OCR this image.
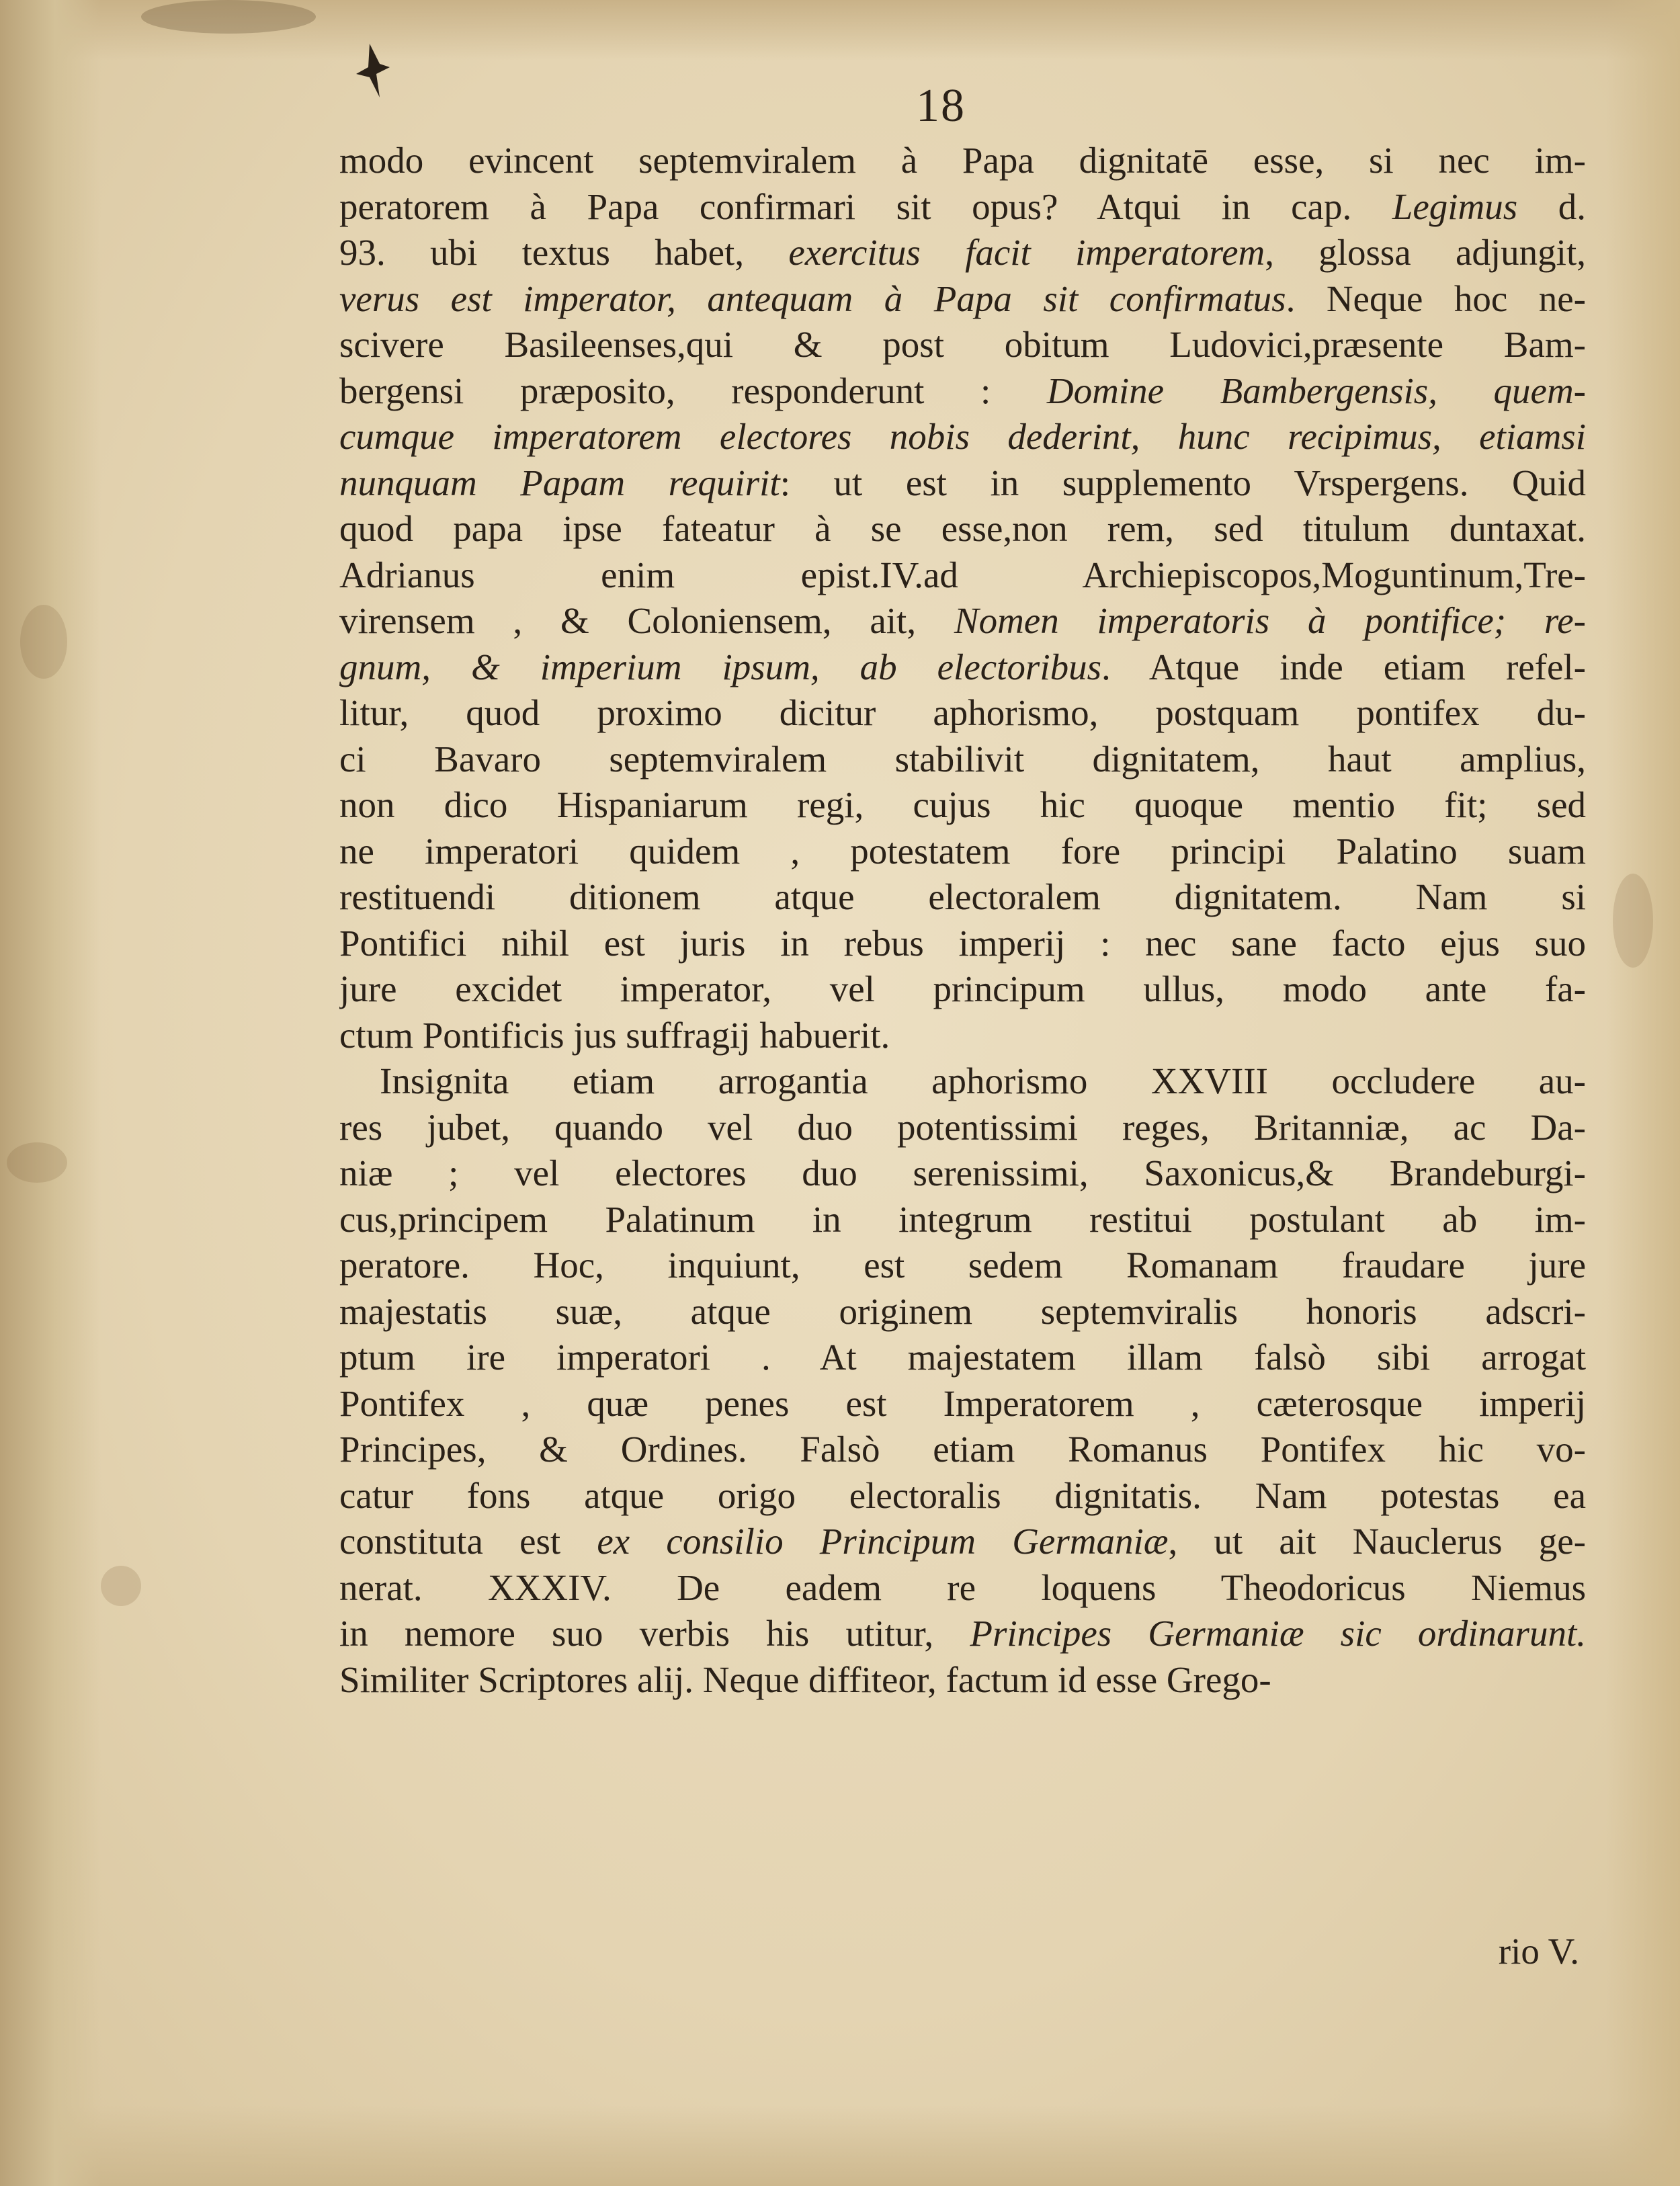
18
modo evincent septemviralem à Papa dignitatē esse, si nec im-
peratorem à Papa confirmari sit opus? Atqui in cap. Legimus d.
93. ubi textus habet, exercitus facit imperatorem, glossa adjungit,
verus est imperator, antequam à Papa sit confirmatus. Neque hoc ne-
scivere Basileenses,qui & post obitum Ludovici,præsente Bam-
bergensi præposito, responderunt : Domine Bambergensis, quem-
cumque imperatorem electores nobis dederint, hunc recipimus, etiamsi
nunquam Papam requirit: ut est in supplemento Vrspergens. Quid
quod papa ipse fateatur à se esse,non rem, sed titulum duntaxat.
Adrianus enim epist.IV.ad Archiepiscopos,Moguntinum,Tre-
virensem , & Coloniensem, ait, Nomen imperatoris à pontifice; re-
gnum, & imperium ipsum, ab electoribus. Atque inde etiam refel-
litur, quod proximo dicitur aphorismo, postquam pontifex du-
ci Bavaro septemviralem stabilivit dignitatem, haut amplius,
non dico Hispaniarum regi, cujus hic quoque mentio fit; sed
ne imperatori quidem , potestatem fore principi Palatino suam
restituendi ditionem atque electoralem dignitatem. Nam si
Pontifici nihil est juris in rebus imperij : nec sane facto ejus suo
jure excidet imperator, vel principum ullus, modo ante fa-
ctum Pontificis jus suffragij habuerit.
Insignita etiam arrogantia aphorismo XXVIII occludere au-
res jubet, quando vel duo potentissimi reges, Britanniæ, ac Da-
niæ ; vel electores duo serenissimi, Saxonicus,& Brandeburgi-
cus,principem Palatinum in integrum restitui postulant ab im-
peratore. Hoc, inquiunt, est sedem Romanam fraudare jure
majestatis suæ, atque originem septemviralis honoris adscri-
ptum ire imperatori . At majestatem illam falsò sibi arrogat
Pontifex , quæ penes est Imperatorem , cæterosque imperij
Principes, & Ordines. Falsò etiam Romanus Pontifex hic vo-
catur fons atque origo electoralis dignitatis. Nam potestas ea
constituta est ex consilio Principum Germaniæ, ut ait Nauclerus ge-
nerat. XXXIV. De eadem re loquens Theodoricus Niemus
in nemore suo verbis his utitur, Principes Germaniæ sic ordinarunt.
Similiter Scriptores alij. Neque diffiteor, factum id esse Grego-
rio V.
